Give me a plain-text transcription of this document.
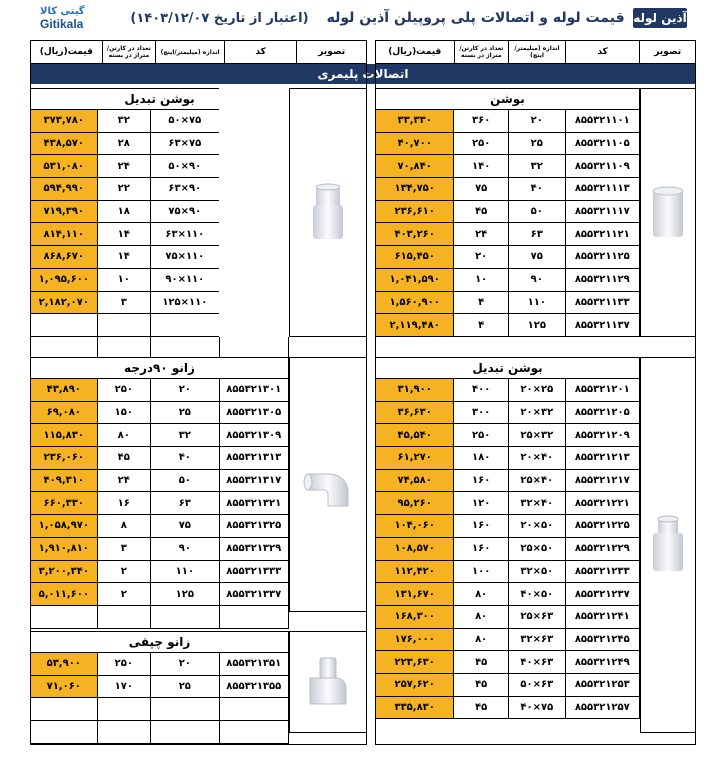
گیتی کالا
Gitikala	قیمت لوله و اتصالات پلی پروپیلن آذین لوله
(اعتبار از تاریخ ۱۴۰۳/۱۲/۰۷)	آذین لوله
تصویر
کد
اندازه (میلیمتر/اینچ)
تعداد در کارتن/ متراژ در بسته
قیمت(ریال)
تصویر
کد
اندازه (میلیمتر/اینچ)
تعداد در کارتن/ متراژ در بسته
قیمت(ریال)
اتصالات پلیمری
بوشن
۸۵۵۳۲۱۱۰۱
۲۰
۳۶۰
۳۳,۳۳۰
۸۵۵۳۲۱۱۰۵
۲۵
۲۵۰
۴۰,۷۰۰
۸۵۵۳۲۱۱۰۹
۳۲
۱۴۰
۷۰,۸۴۰
۸۵۵۳۲۱۱۱۳
۴۰
۷۵
۱۳۴,۷۵۰
۸۵۵۳۲۱۱۱۷
۵۰
۴۵
۲۳۶,۶۱۰
۸۵۵۳۲۱۱۲۱
۶۳
۲۴
۴۰۳,۲۶۰
۸۵۵۳۲۱۱۲۵
۷۵
۲۰
۶۱۵,۴۵۰
۸۵۵۳۲۱۱۲۹
۹۰
۱۰
۱,۰۴۱,۵۹۰
۸۵۵۳۲۱۱۳۳
۱۱۰
۴
۱,۵۶۰,۹۰۰
۸۵۵۳۲۱۱۳۷
۱۲۵
۴
۲,۱۱۹,۴۸۰
بوشن تبدیل
۸۵۵۳۲۱۲۰۱
۲۰×۲۵
۴۰۰
۳۱,۹۰۰
۸۵۵۳۲۱۲۰۵
۲۰×۳۲
۳۰۰
۳۶,۶۳۰
۸۵۵۳۲۱۲۰۹
۲۵×۳۲
۲۵۰
۴۵,۵۴۰
۸۵۵۳۲۱۲۱۳
۲۰×۴۰
۱۸۰
۶۱,۲۷۰
۸۵۵۳۲۱۲۱۷
۲۵×۴۰
۱۶۰
۷۴,۵۸۰
۸۵۵۳۲۱۲۲۱
۳۲×۴۰
۱۲۰
۹۵,۲۶۰
۸۵۵۳۲۱۲۲۵
۲۰×۵۰
۱۶۰
۱۰۴,۰۶۰
۸۵۵۳۲۱۲۲۹
۲۵×۵۰
۱۶۰
۱۰۸,۵۷۰
۸۵۵۳۲۱۲۳۳
۳۲×۵۰
۱۰۰
۱۱۲,۴۲۰
۸۵۵۳۲۱۲۳۷
۴۰×۵۰
۸۰
۱۳۱,۶۷۰
۸۵۵۳۲۱۲۴۱
۲۵×۶۳
۸۰
۱۶۸,۳۰۰
۸۵۵۳۲۱۲۴۵
۳۲×۶۳
۸۰
۱۷۶,۰۰۰
۸۵۵۳۲۱۲۴۹
۴۰×۶۳
۴۵
۲۲۳,۶۳۰
۸۵۵۳۲۱۲۵۳
۵۰×۶۳
۴۵
۲۵۷,۶۲۰
۸۵۵۳۲۱۲۵۷
۴۰×۷۵
۴۵
۳۳۵,۸۳۰
بوشن تبدیل
۵۰×۷۵
۳۲
۳۷۳,۷۸۰
۶۳×۷۵
۲۸
۴۳۸,۵۷۰
۵۰×۹۰
۲۴
۵۳۱,۰۸۰
۶۳×۹۰
۲۲
۵۹۴,۹۹۰
۷۵×۹۰
۱۸
۷۱۹,۳۹۰
۶۳×۱۱۰
۱۴
۸۱۴,۱۱۰
۷۵×۱۱۰
۱۴
۸۶۸,۶۷۰
۹۰×۱۱۰
۱۰
۱,۰۹۵,۶۰۰
۱۲۵×۱۱۰
۳
۲,۱۸۲,۰۷۰
زانو ۹۰درجه
۸۵۵۳۲۱۳۰۱
۲۰
۲۵۰
۴۳,۸۹۰
۸۵۵۳۲۱۳۰۵
۲۵
۱۵۰
۶۹,۰۸۰
۸۵۵۳۲۱۳۰۹
۳۲
۸۰
۱۱۵,۸۳۰
۸۵۵۳۲۱۳۱۳
۴۰
۴۵
۲۳۶,۰۶۰
۸۵۵۳۲۱۳۱۷
۵۰
۲۴
۴۰۹,۳۱۰
۸۵۵۳۲۱۳۲۱
۶۳
۱۶
۶۶۰,۳۳۰
۸۵۵۳۲۱۳۲۵
۷۵
۸
۱,۰۵۸,۹۷۰
۸۵۵۳۲۱۳۲۹
۹۰
۳
۱,۹۱۰,۸۱۰
۸۵۵۳۲۱۳۳۳
۱۱۰
۲
۳,۲۰۰,۳۴۰
۸۵۵۳۲۱۳۳۷
۱۲۵
۲
۵,۰۱۱,۶۰۰
زانو چپقی
۸۵۵۳۲۱۳۵۱
۲۰
۲۵۰
۵۳,۹۰۰
۸۵۵۳۲۱۳۵۵
۲۵
۱۷۰
۷۱,۰۶۰
